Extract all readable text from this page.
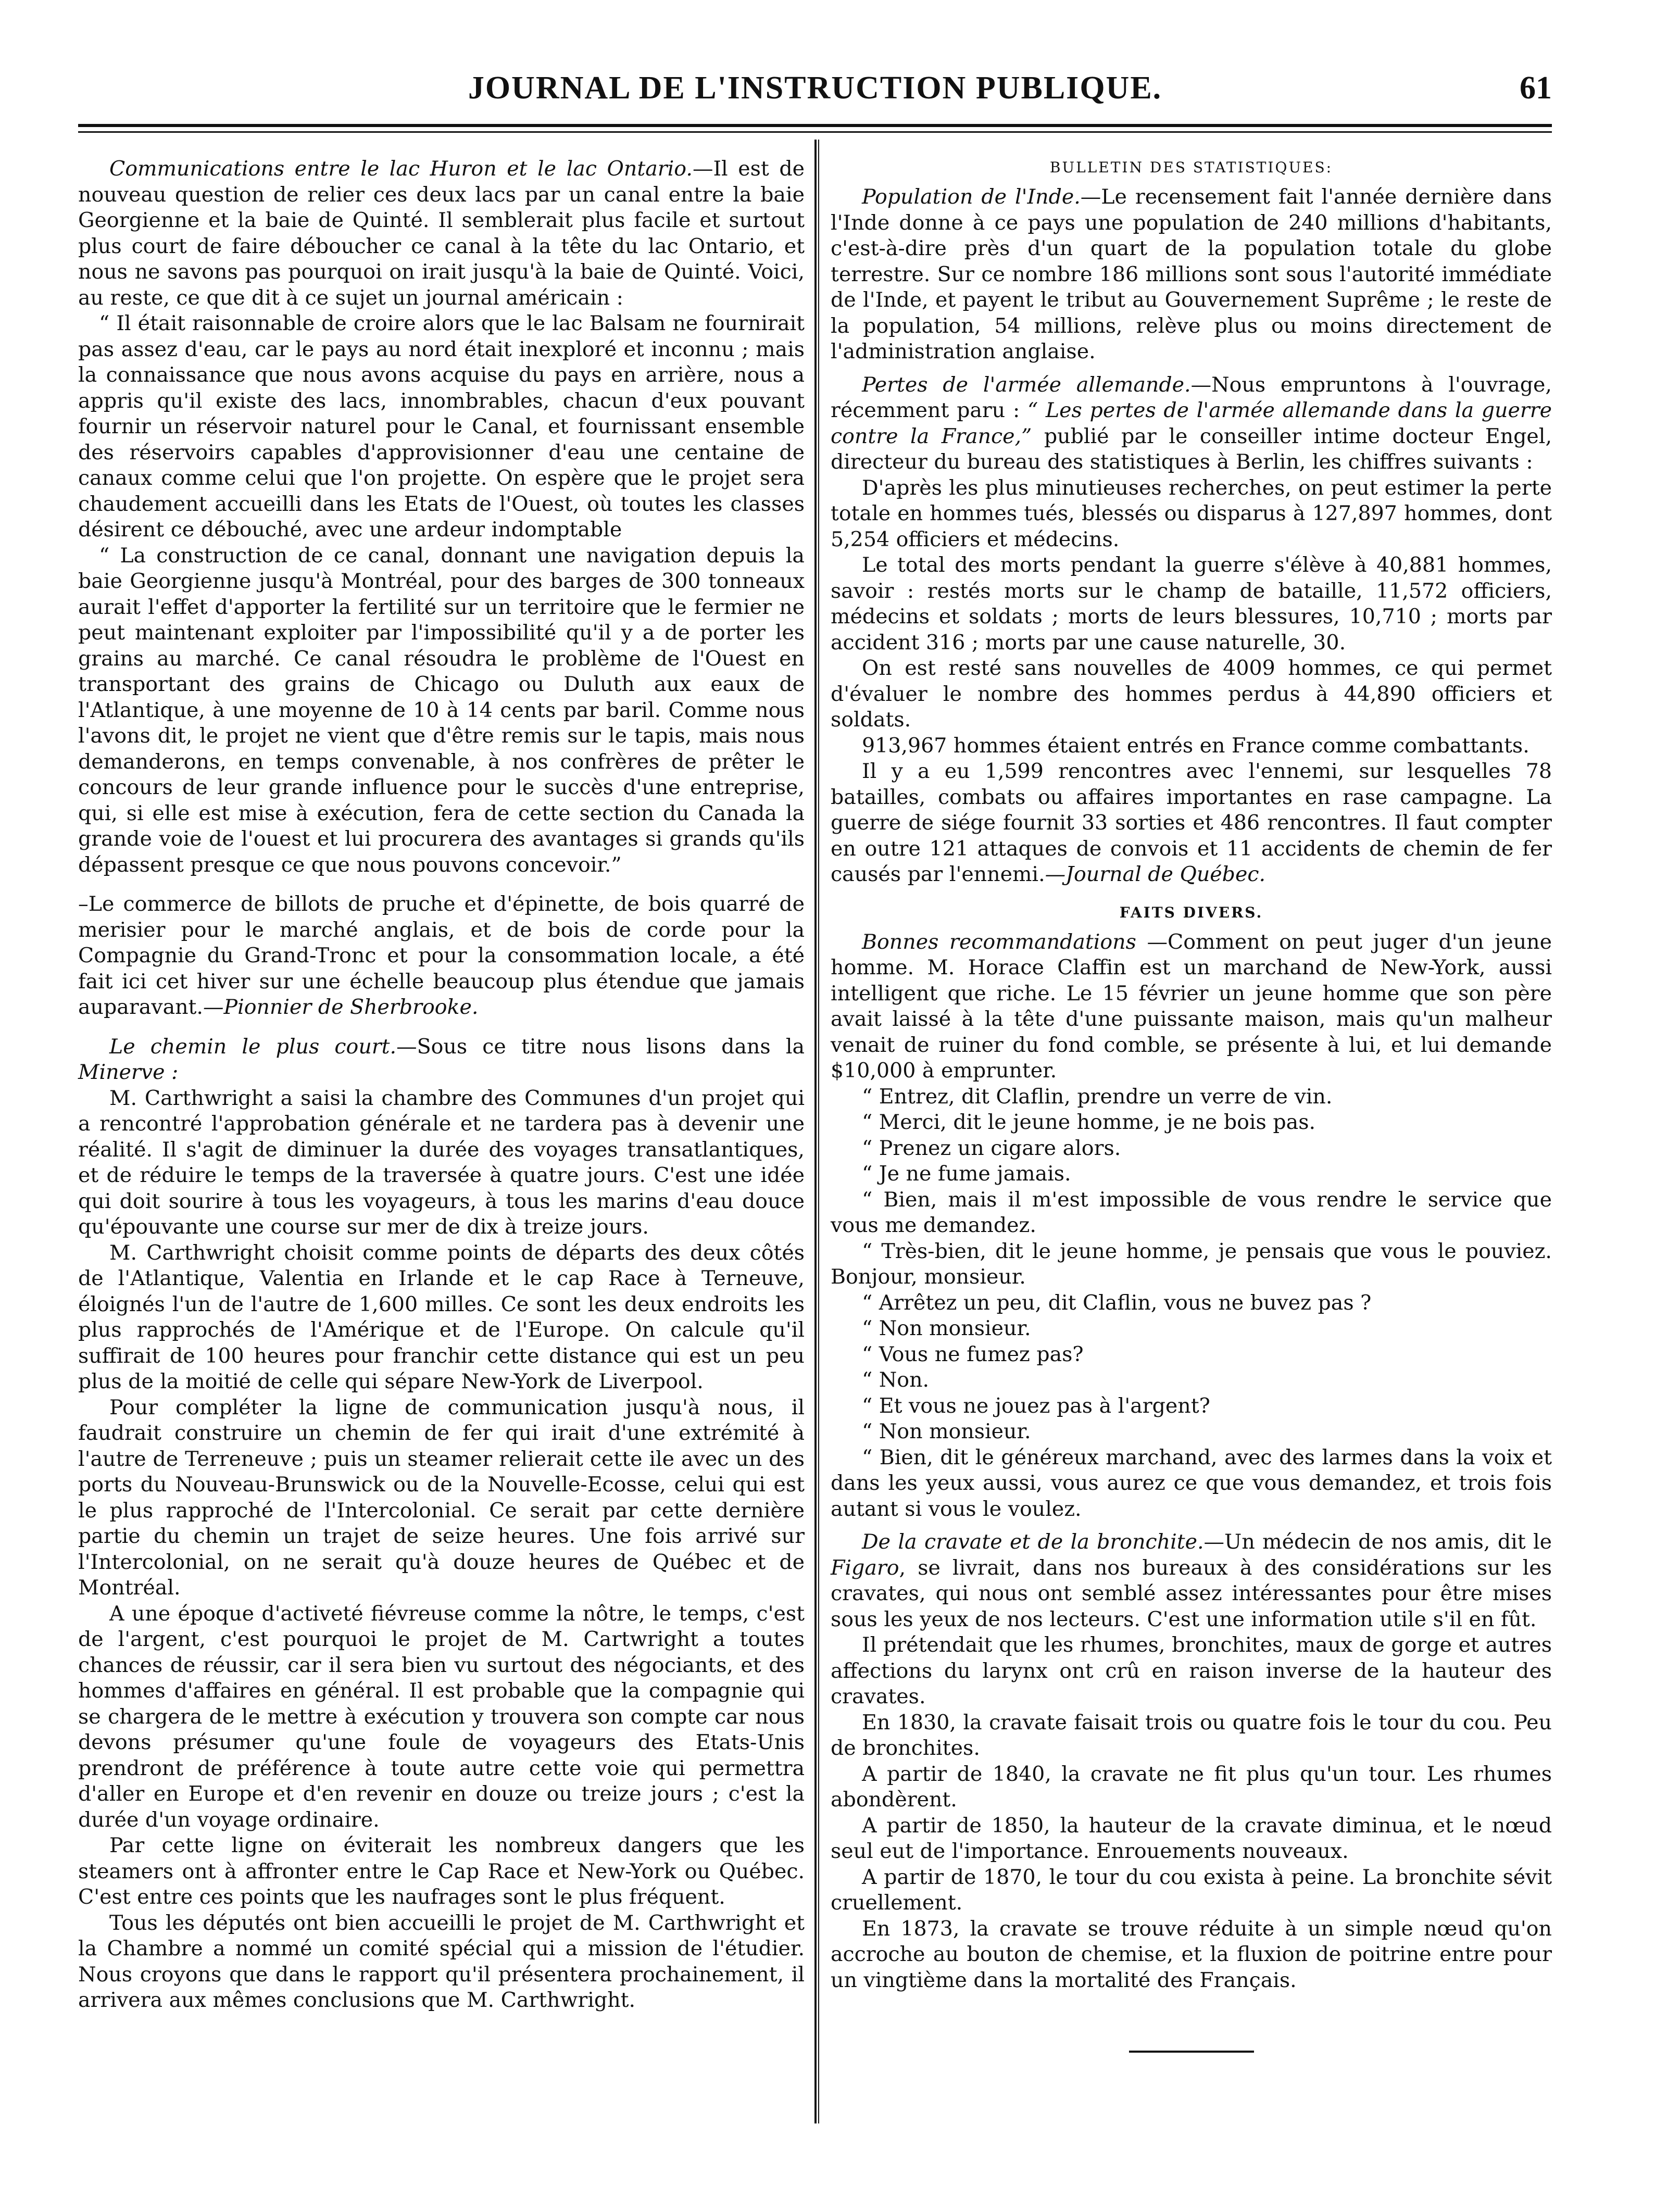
JOURNAL DE L'INSTRUCTION PUBLIQUE.	61

Communications entre le lac Huron et le lac Ontario.—Il est de nouveau question de relier ces deux lacs par un canal entre la baie Georgienne et la baie de Quinté. Il semblerait plus facile et surtout plus court de faire déboucher ce canal à la tête du lac Ontario, et nous ne savons pas pourquoi on irait jusqu'à la baie de Quinté. Voici, au reste, ce que dit à ce sujet un journal américain :

“ Il était raisonnable de croire alors que le lac Balsam ne fournirait pas assez d'eau, car le pays au nord était inexploré et inconnu ; mais la connaissance que nous avons acquise du pays en arrière, nous a appris qu'il existe des lacs, innombrables, chacun d'eux pouvant fournir un réservoir naturel pour le Canal, et fournissant ensemble des réservoirs capables d'approvisionner d'eau une centaine de canaux comme celui que l'on projette. On espère que le projet sera chaudement accueilli dans les Etats de l'Ouest, où toutes les classes désirent ce débouché, avec une ardeur indomptable

“ La construction de ce canal, donnant une navigation depuis la baie Georgienne jusqu'à Montréal, pour des barges de 300 tonneaux aurait l'effet d'apporter la fertilité sur un territoire que le fermier ne peut maintenant exploiter par l'impossibilité qu'il y a de porter les grains au marché. Ce canal résoudra le problème de l'Ouest en transportant des grains de Chicago ou Duluth aux eaux de l'Atlantique, à une moyenne de 10 à 14 cents par baril. Comme nous l'avons dit, le projet ne vient que d'être remis sur le tapis, mais nous demanderons, en temps convenable, à nos confrères de prêter le concours de leur grande influence pour le succès d'une entreprise, qui, si elle est mise à exécution, fera de cette section du Canada la grande voie de l'ouest et lui procurera des avantages si grands qu'ils dépassent presque ce que nous pouvons concevoir.”

–Le commerce de billots de pruche et d'épinette, de bois quarré de merisier pour le marché anglais, et de bois de corde pour la Compagnie du Grand-Tronc et pour la consommation locale, a été fait ici cet hiver sur une échelle beaucoup plus étendue que jamais auparavant.—Pionnier de Sherbrooke.

Le chemin le plus court.—Sous ce titre nous lisons dans la Minerve :

M. Carthwright a saisi la chambre des Communes d'un projet qui a rencontré l'approbation générale et ne tardera pas à devenir une réalité. Il s'agit de diminuer la durée des voyages transatlantiques, et de réduire le temps de la traversée à quatre jours. C'est une idée qui doit sourire à tous les voyageurs, à tous les marins d'eau douce qu'épouvante une course sur mer de dix à treize jours.

M. Carthwright choisit comme points de départs des deux côtés de l'Atlantique, Valentia en Irlande et le cap Race à Terneuve, éloignés l'un de l'autre de 1,600 milles. Ce sont les deux endroits les plus rapprochés de l'Amérique et de l'Europe. On calcule qu'il suffirait de 100 heures pour franchir cette distance qui est un peu plus de la moitié de celle qui sépare New-York de Liverpool.

Pour compléter la ligne de communication jusqu'à nous, il faudrait construire un chemin de fer qui irait d'une extrémité à l'autre de Terreneuve ; puis un steamer relierait cette ile avec un des ports du Nouveau-Brunswick ou de la Nouvelle-Ecosse, celui qui est le plus rapproché de l'Intercolonial. Ce serait par cette dernière partie du chemin un trajet de seize heures. Une fois arrivé sur l'Intercolonial, on ne serait qu'à douze heures de Québec et de Montréal.

A une époque d'activeté fiévreuse comme la nôtre, le temps, c'est de l'argent, c'est pourquoi le projet de M. Cartwright a toutes chances de réussir, car il sera bien vu surtout des négociants, et des hommes d'affaires en général. Il est probable que la compagnie qui se chargera de le mettre à exécution y trouvera son compte car nous devons présumer qu'une foule de voyageurs des Etats-Unis prendront de préférence à toute autre cette voie qui permettra d'aller en Europe et d'en revenir en douze ou treize jours ; c'est la durée d'un voyage ordinaire.

Par cette ligne on éviterait les nombreux dangers que les steamers ont à affronter entre le Cap Race et New-York ou Québec. C'est entre ces points que les naufrages sont le plus fréquent.

Tous les députés ont bien accueilli le projet de M. Carthwright et la Chambre a nommé un comité spécial qui a mission de l'étudier. Nous croyons que dans le rapport qu'il présentera prochainement, il arrivera aux mêmes conclusions que M. Carthwright.

BULLETIN DES STATISTIQUES:

Population de l'Inde.—Le recensement fait l'année dernière dans l'Inde donne à ce pays une population de 240 millions d'habitants, c'est-à-dire près d'un quart de la population totale du globe terrestre. Sur ce nombre 186 millions sont sous l'autorité immédiate de l'Inde, et payent le tribut au Gouvernement Suprême ; le reste de la population, 54 millions, relève plus ou moins directement de l'administration anglaise.

Pertes de l'armée allemande.—Nous empruntons à l'ouvrage, récemment paru : “ Les pertes de l'armée allemande dans la guerre contre la France,” publié par le conseiller intime docteur Engel, directeur du bureau des statistiques à Berlin, les chiffres suivants :

D'après les plus minutieuses recherches, on peut estimer la perte totale en hommes tués, blessés ou disparus à 127,897 hommes, dont 5,254 officiers et médecins.

Le total des morts pendant la guerre s'élève à 40,881 hommes, savoir : restés morts sur le champ de bataille, 11,572 officiers, médecins et soldats ; morts de leurs blessures, 10,710 ; morts par accident 316 ; morts par une cause naturelle, 30.

On est resté sans nouvelles de 4009 hommes, ce qui permet d'évaluer le nombre des hommes perdus à 44,890 officiers et soldats.

913,967 hommes étaient entrés en France comme combattants.

Il y a eu 1,599 rencontres avec l'ennemi, sur lesquelles 78 batailles, combats ou affaires importantes en rase campagne. La guerre de siége fournit 33 sorties et 486 rencontres. Il faut compter en outre 121 attaques de convois et 11 accidents de chemin de fer causés par l'ennemi.—Journal de Québec.

FAITS DIVERS.

Bonnes recommandations —Comment on peut juger d'un jeune homme. M. Horace Claffin est un marchand de New-York, aussi intelligent que riche. Le 15 février un jeune homme que son père avait laissé à la tête d'une puissante maison, mais qu'un malheur venait de ruiner du fond comble, se présente à lui, et lui demande $10,000 à emprunter.

“ Entrez, dit Claflin, prendre un verre de vin.

“ Merci, dit le jeune homme, je ne bois pas.

“ Prenez un cigare alors.

“ Je ne fume jamais.

“ Bien, mais il m'est impossible de vous rendre le service que vous me demandez.

“ Très-bien, dit le jeune homme, je pensais que vous le pouviez. Bonjour, monsieur.

“ Arrêtez un peu, dit Claflin, vous ne buvez pas ?

“ Non monsieur.

“ Vous ne fumez pas?

“ Non.

“ Et vous ne jouez pas à l'argent?

“ Non monsieur.

“ Bien, dit le généreux marchand, avec des larmes dans la voix et dans les yeux aussi, vous aurez ce que vous demandez, et trois fois autant si vous le voulez.

De la cravate et de la bronchite.—Un médecin de nos amis, dit le Figaro, se livrait, dans nos bureaux à des considérations sur les cravates, qui nous ont semblé assez intéressantes pour être mises sous les yeux de nos lecteurs. C'est une information utile s'il en fût.

Il prétendait que les rhumes, bronchites, maux de gorge et autres affections du larynx ont crû en raison inverse de la hauteur des cravates.

En 1830, la cravate faisait trois ou quatre fois le tour du cou. Peu de bronchites.

A partir de 1840, la cravate ne fit plus qu'un tour. Les rhumes abondèrent.

A partir de 1850, la hauteur de la cravate diminua, et le nœud seul eut de l'importance. Enrouements nouveaux.

A partir de 1870, le tour du cou exista à peine. La bronchite sévit cruellement.

En 1873, la cravate se trouve réduite à un simple nœud qu'on accroche au bouton de chemise, et la fluxion de poitrine entre pour un vingtième dans la mortalité des Français.
